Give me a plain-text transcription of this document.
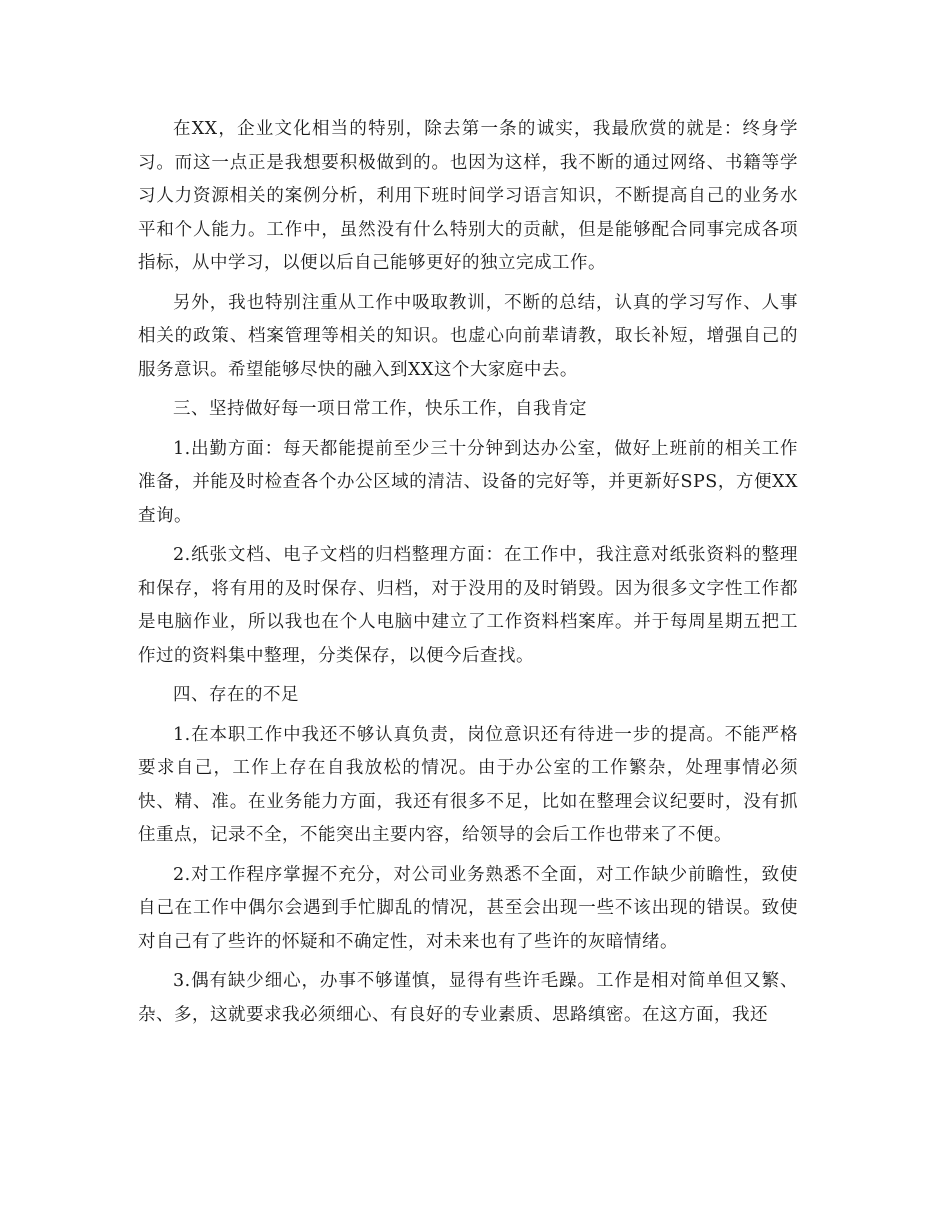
在XX，企业文化相当的特别，除去第一条的诚实，我最欣赏的就是：终身学习。而这一点正是我想要积极做到的。也因为这样，我不断的通过网络、书籍等学习人力资源相关的案例分析，利用下班时间学习语言知识，不断提高自己的业务水平和个人能力。工作中，虽然没有什么特别大的贡献，但是能够配合同事完成各项指标，从中学习，以便以后自己能够更好的独立完成工作。

另外，我也特别注重从工作中吸取教训，不断的总结，认真的学习写作、人事相关的政策、档案管理等相关的知识。也虚心向前辈请教，取长补短，增强自己的服务意识。希望能够尽快的融入到XX这个大家庭中去。

三、坚持做好每一项日常工作，快乐工作，自我肯定

1.出勤方面：每天都能提前至少三十分钟到达办公室，做好上班前的相关工作准备，并能及时检查各个办公区域的清洁、设备的完好等，并更新好SPS，方便XX查询。

2.纸张文档、电子文档的归档整理方面：在工作中，我注意对纸张资料的整理和保存，将有用的及时保存、归档，对于没用的及时销毁。因为很多文字性工作都是电脑作业，所以我也在个人电脑中建立了工作资料档案库。并于每周星期五把工作过的资料集中整理，分类保存，以便今后查找。

四、存在的不足

1.在本职工作中我还不够认真负责，岗位意识还有待进一步的提高。不能严格要求自己，工作上存在自我放松的情况。由于办公室的工作繁杂，处理事情必须快、精、准。在业务能力方面，我还有很多不足，比如在整理会议纪要时，没有抓住重点，记录不全，不能突出主要内容，给领导的会后工作也带来了不便。

2.对工作程序掌握不充分，对公司业务熟悉不全面，对工作缺少前瞻性，致使自己在工作中偶尔会遇到手忙脚乱的情况，甚至会出现一些不该出现的错误。致使对自己有了些许的怀疑和不确定性，对未来也有了些许的灰暗情绪。

3.偶有缺少细心，办事不够谨慎，显得有些许毛躁。工作是相对简单但又繁、杂、多，这就要求我必须细心、有良好的专业素质、思路缜密。在这方面，我还
